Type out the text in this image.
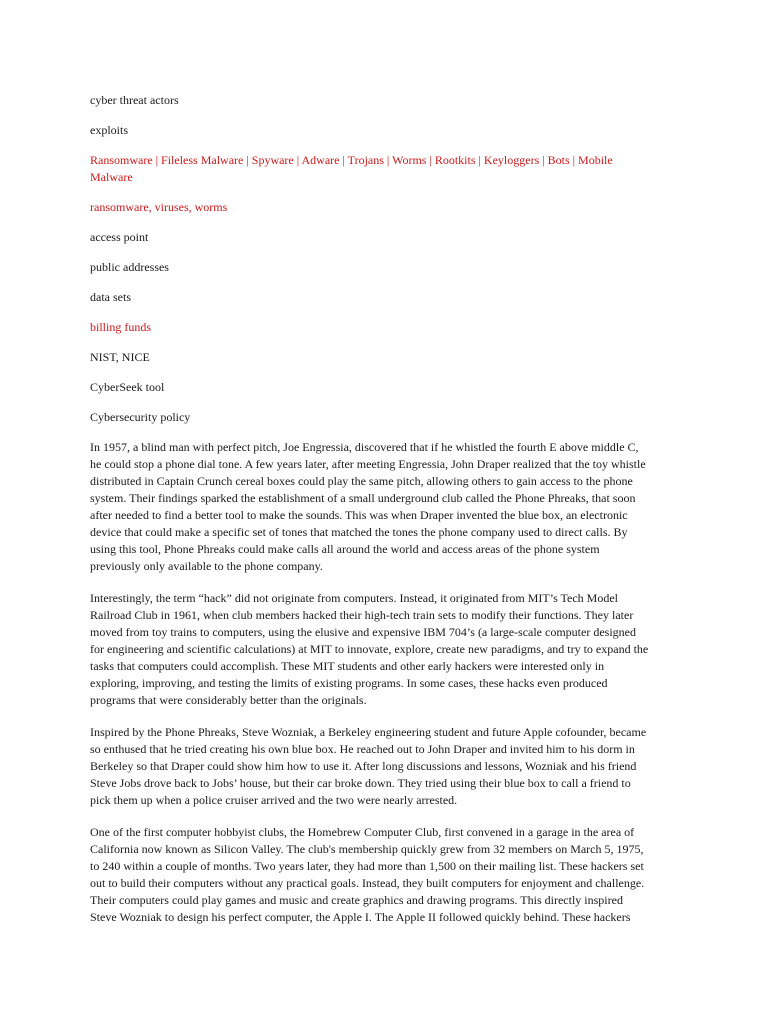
cyber threat actors
exploits
Ransomware | Fileless Malware | Spyware | Adware | Trojans | Worms | Rootkits | Keyloggers | Bots | Mobile Malware
ransomware, viruses, worms
access point
public addresses
data sets
billing funds
NIST, NICE
CyberSeek tool
Cybersecurity policy

In 1957, a blind man with perfect pitch, Joe Engressia, discovered that if he whistled the fourth E above middle C, he could stop a phone dial tone. A few years later, after meeting Engressia, John Draper realized that the toy whistle distributed in Captain Crunch cereal boxes could play the same pitch, allowing others to gain access to the phone system. Their findings sparked the establishment of a small underground club called the Phone Phreaks, that soon after needed to find a better tool to make the sounds. This was when Draper invented the blue box, an electronic device that could make a specific set of tones that matched the tones the phone company used to direct calls. By using this tool, Phone Phreaks could make calls all around the world and access areas of the phone system previously only available to the phone company.

Interestingly, the term “hack” did not originate from computers. Instead, it originated from MIT’s Tech Model Railroad Club in 1961, when club members hacked their high-tech train sets to modify their functions. They later moved from toy trains to computers, using the elusive and expensive IBM 704’s (a large-scale computer designed for engineering and scientific calculations) at MIT to innovate, explore, create new paradigms, and try to expand the tasks that computers could accomplish. These MIT students and other early hackers were interested only in exploring, improving, and testing the limits of existing programs. In some cases, these hacks even produced programs that were considerably better than the originals.

Inspired by the Phone Phreaks, Steve Wozniak, a Berkeley engineering student and future Apple cofounder, became so enthused that he tried creating his own blue box. He reached out to John Draper and invited him to his dorm in Berkeley so that Draper could show him how to use it. After long discussions and lessons, Wozniak and his friend Steve Jobs drove back to Jobs’ house, but their car broke down. They tried using their blue box to call a friend to pick them up when a police cruiser arrived and the two were nearly arrested.

One of the first computer hobbyist clubs, the Homebrew Computer Club, first convened in a garage in the area of California now known as Silicon Valley. The club's membership quickly grew from 32 members on March 5, 1975, to 240 within a couple of months. Two years later, they had more than 1,500 on their mailing list. These hackers set out to build their computers without any practical goals. Instead, they built computers for enjoyment and challenge. Their computers could play games and music and create graphics and drawing programs. This directly inspired Steve Wozniak to design his perfect computer, the Apple I. The Apple II followed quickly behind. These hackers
